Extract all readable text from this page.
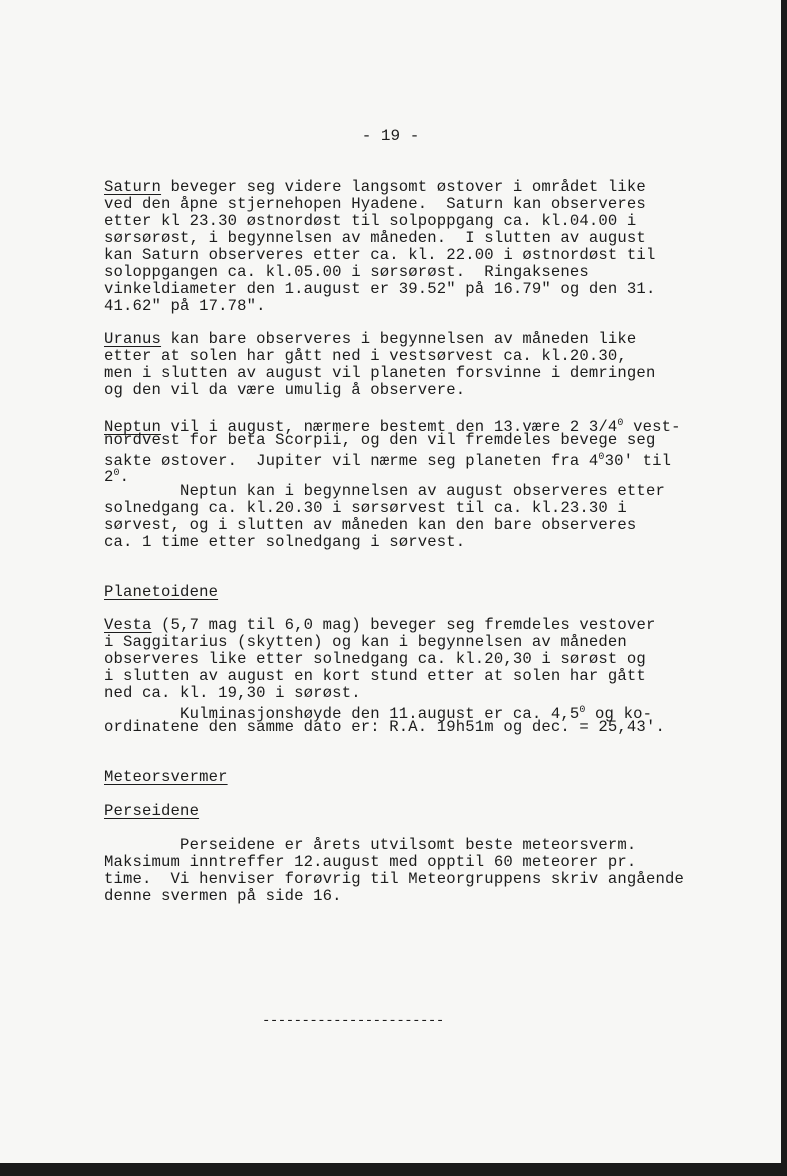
- 19 -
Saturn beveger seg videre langsomt østover i området like
ved den åpne stjernehopen Hyadene.  Saturn kan observeres
etter kl 23.30 østnordøst til solpoppgang ca. kl.04.00 i
sørsørøst, i begynnelsen av måneden.  I slutten av august
kan Saturn observeres etter ca. kl. 22.00 i østnordøst til
soloppgangen ca. kl.05.00 i sørsørøst.  Ringaksenes
vinkeldiameter den 1.august er 39.52" på 16.79" og den 31.
41.62" på 17.78".
Uranus kan bare observeres i begynnelsen av måneden like
etter at solen har gått ned i vestsørvest ca. kl.20.30,
men i slutten av august vil planeten forsvinne i demringen
og den vil da være umulig å observere.
Neptun vil i august, nærmere bestemt den 13.være 2 $3/4^0$ vest-
nordvest for beta Scorpii, og den vil fremdeles bevege seg
sakte østover.  Jupiter vil nærme seg planeten fra $4^030'$ til
$2^0$.
Neptun kan i begynnelsen av august observeres etter
solnedgang ca. kl.20.30 i sørsørvest til ca. kl.23.30 i
sørvest, og i slutten av måneden kan den bare observeres
ca. 1 time etter solnedgang i sørvest.
Planetoidene
Vesta (5,7 mag til 6,0 mag) beveger seg fremdeles vestover
i Saggitarius (skytten) og kan i begynnelsen av måneden
observeres like etter solnedgang ca. kl.20,30 i sørøst og
i slutten av august en kort stund etter at solen har gått
ned ca. kl. 19,30 i sørøst.
Kulminasjonshøyde den 11.august er ca. $4,5^0$ og ko-
ordinatene den samme dato er: R.A. 19h51m og dec. = 25,43'.
Meteorsvermer
Perseidene
Perseidene er årets utvilsomt beste meteorsverm.
Maksimum inntreffer 12.august med opptil 60 meteorer pr.
time.  Vi henviser forøvrig til Meteorgruppens skriv angående
denne svermen på side 16.
-----------------------
